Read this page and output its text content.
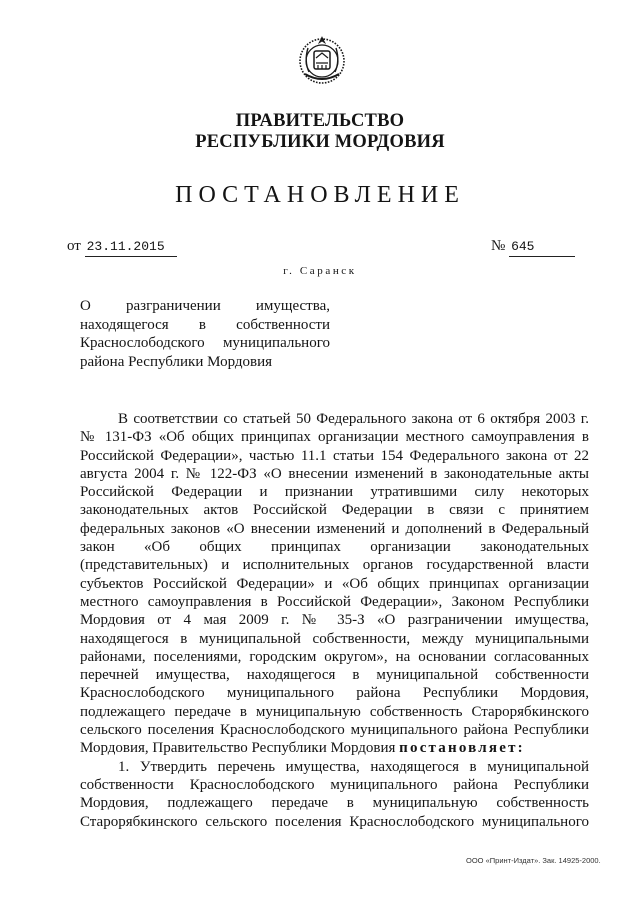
ПРАВИТЕЛЬСТВО
РЕСПУБЛИКИ МОРДОВИЯ
ПОСТАНОВЛЕНИЕ
от 23.11.2015	№ 645
г. Саранск
О разграничении имущества,
находящегося в собственности
Краснослободского муниципального
района Республики Мордовия
В соответствии со статьей 50 Федерального закона от 6 октября 2003 г.
№ 131-ФЗ «Об общих принципах организации местного самоуправления в
Российской Федерации», частью 11.1 статьи 154 Федерального закона от 22
августа 2004 г. № 122-ФЗ «О внесении изменений в законодательные акты
Российской Федерации и признании утратившими силу некоторых
законодательных актов Российской Федерации в связи с принятием
федеральных законов «О внесении изменений и дополнений в Федеральный
закон «Об общих принципах организации законодательных
(представительных) и исполнительных органов государственной власти
субъектов Российской Федерации» и «Об общих принципах организации
местного самоуправления в Российской Федерации», Законом Республики
Мордовия от 4 мая 2009 г. № 35-З «О разграничении имущества,
находящегося в муниципальной собственности, между муниципальными
районами, поселениями, городским округом», на основании согласованных
перечней имущества, находящегося в муниципальной собственности
Краснослободского муниципального района Республики Мордовия,
подлежащего передаче в муниципальную собственность Старорябкинского
сельского поселения Краснослободского муниципального района Республики
Мордовия, Правительство Республики Мордовия постановляет:
1. Утвердить перечень имущества, находящегося в муниципальной
собственности Краснослободского муниципального района Республики
Мордовия, подлежащего передаче в муниципальную собственность
Старорябкинского сельского поселения Краснослободского муниципального
ООО «Принт-Издат». Зак. 14925-2000.
